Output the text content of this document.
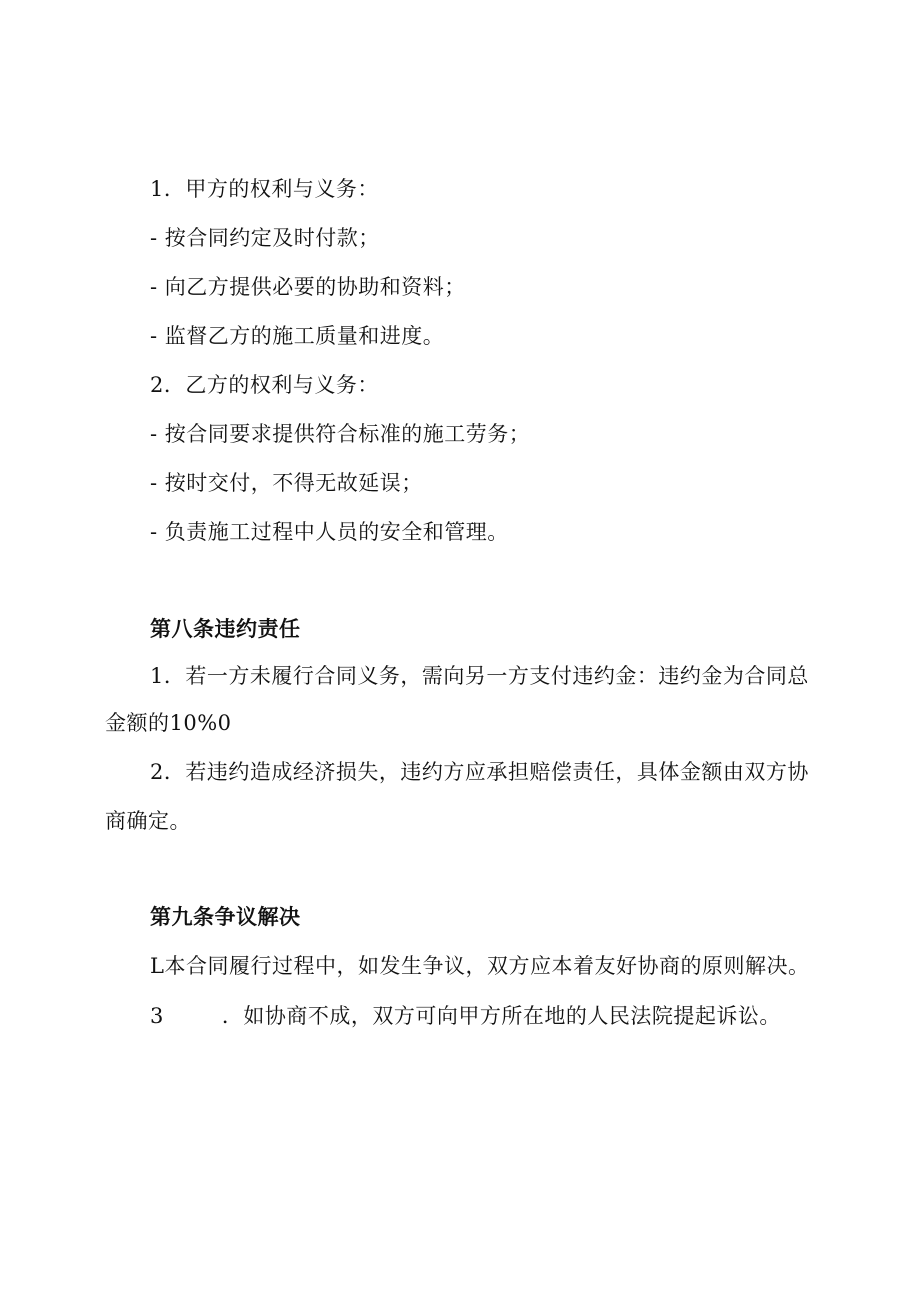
1．甲方的权利与义务：
- 按合同约定及时付款；
- 向乙方提供必要的协助和资料；
- 监督乙方的施工质量和进度。
2．乙方的权利与义务：
- 按合同要求提供符合标准的施工劳务；
- 按时交付，不得无故延误；
- 负责施工过程中人员的安全和管理。
第八条违约责任
1．若一方未履行合同义务，需向另一方支付违约金：违约金为合同总
金额的10%0
2．若违约造成经济损失，违约方应承担赔偿责任，具体金额由双方协
商确定。
第九条争议解决
L本合同履行过程中，如发生争议，双方应本着友好协商的原则解决。
3	．如协商不成，双方可向甲方所在地的人民法院提起诉讼。
